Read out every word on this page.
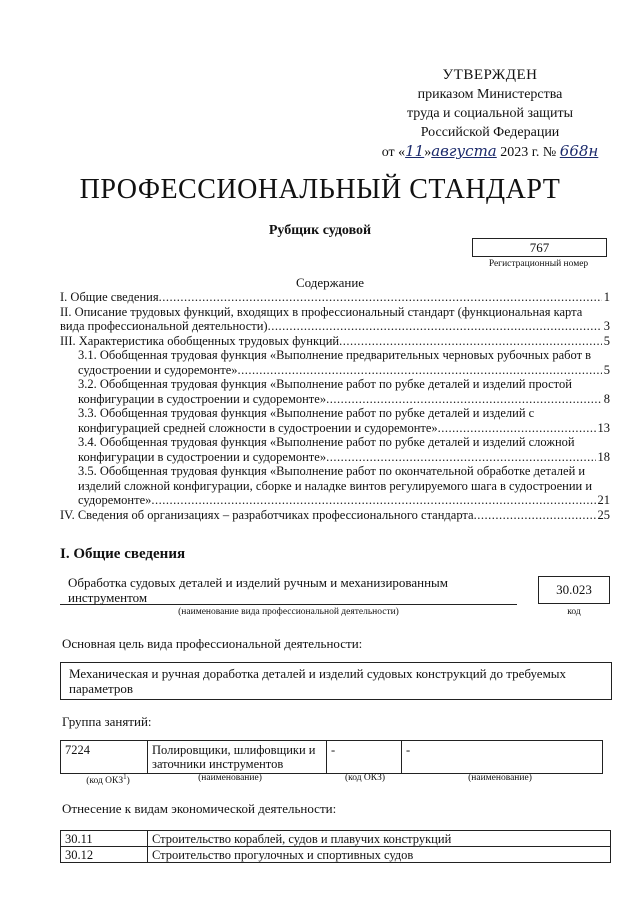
УТВЕРЖДЕН
приказом Министерства
труда и социальной защиты
Российской Федерации
от «11»августа 2023 г. № 668н
ПРОФЕССИОНАЛЬНЫЙ СТАНДАРТ
Рубщик судовой
767
Регистрационный номер
Содержание
I. Общие сведения .....	1
II. Описание трудовых функций, входящих в профессиональный стандарт (функциональная карта
вида профессиональной деятельности) .....	3
III. Характеристика обобщенных трудовых функций .....	5
3.1. Обобщенная трудовая функция «Выполнение предварительных черновых рубочных работ в
судостроении и судоремонте» .....	5
3.2. Обобщенная трудовая функция «Выполнение работ по рубке деталей и изделий простой
конфигурации в судостроении и судоремонте» .....	8
3.3. Обобщенная трудовая функция «Выполнение работ по рубке деталей и изделий с
конфигурацией средней сложности в судостроении и судоремонте» .....	13
3.4. Обобщенная трудовая функция «Выполнение работ по рубке деталей и изделий сложной
конфигурации в судостроении и судоремонте» .....	18
3.5. Обобщенная трудовая функция «Выполнение работ по окончательной обработке деталей и
изделий сложной конфигурации, сборке и наладке винтов регулируемого шага в судостроении и
судоремонте» .....	21
IV. Сведения об организациях – разработчиках профессионального стандарта .....	25
I. Общие сведения
Обработка судовых деталей и изделий ручным и механизированным инструментом
(наименование вида профессиональной деятельности)
30.023
код
Основная цель вида профессиональной деятельности:
Механическая и ручная доработка деталей и изделий судовых конструкций до требуемых параметров
Группа занятий:
7224	Полировщики, шлифовщики и заточники инструментов	-	-
(код ОКЗ$^1$)	(наименование)	(код ОКЗ)	(наименование)
Отнесение к видам экономической деятельности:
30.11	Строительство кораблей, судов и плавучих конструкций
30.12	Строительство прогулочных и спортивных судов
